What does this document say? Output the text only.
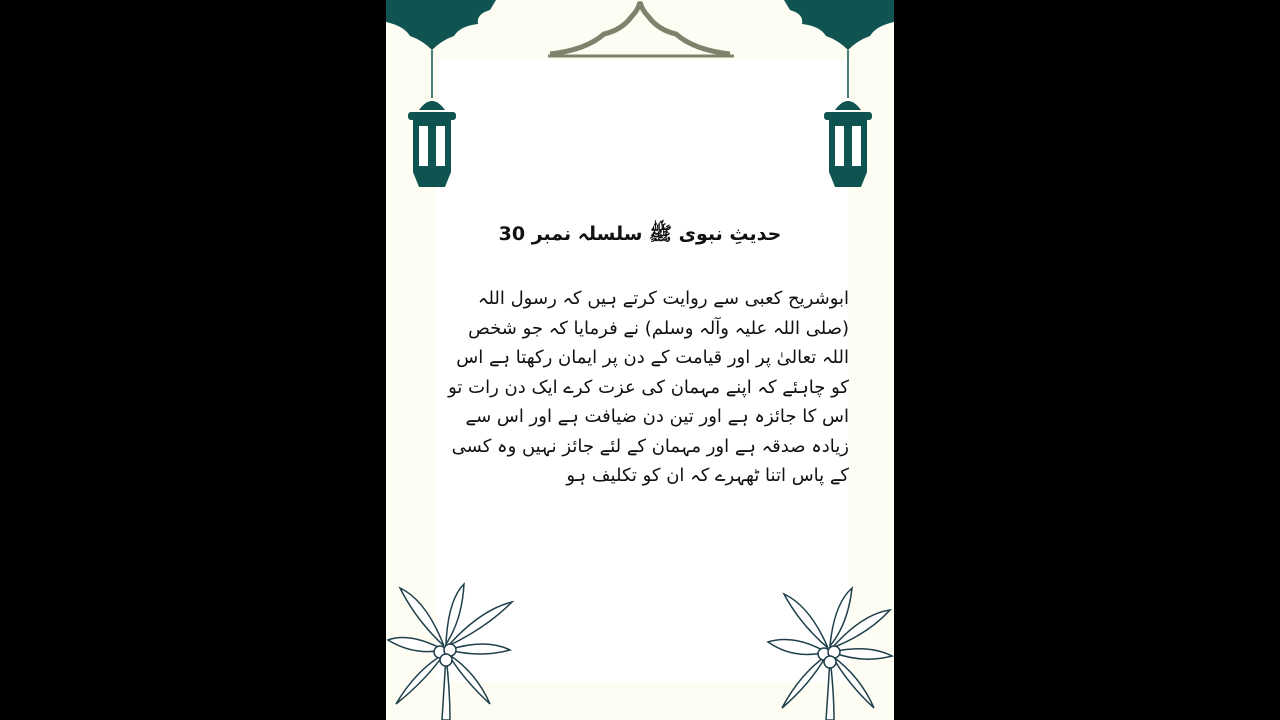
حدیثِ نبوی ﷺ سلسلہ نمبر 30

ابوشریح کعبی سے روایت کرتے ہیں کہ رسول اللہ (صلی اللہ علیہ وآلہ وسلم) نے فرمایا کہ جو شخص اللہ تعالیٰ پر اور قیامت کے دن پر ایمان رکھتا ہے اس کو چاہئے کہ اپنے مہمان کی عزت کرے ایک دن رات تو اس کا جائزہ ہے اور تین دن ضیافت ہے اور اس سے زیادہ صدقہ ہے اور مہمان کے لئے جائز نہیں وہ کسی کے پاس اتنا ٹھہرے کہ ان کو تکلیف ہو
